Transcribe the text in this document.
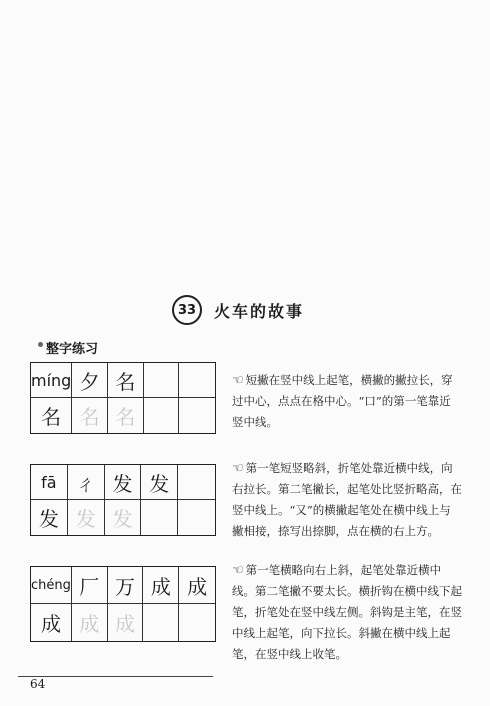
33	火车的故事
整字练习
míng 夕 名
名 名 名
☜ 短撇在竖中线上起笔，横撇的撇拉长，穿过中心，点点在格中心。“口”的第一笔靠近竖中线。
fā ㄔ 发 发
发 发 发
☜ 第一笔短竖略斜，折笔处靠近横中线，向右拉长。第二笔撇长，起笔处比竖折略高，在竖中线上。“又”的横撇起笔处在横中线上与撇相接，捺写出捺脚，点在横的右上方。
chéng 厂 万 成 成
成 成 成
☜ 第一笔横略向右上斜，起笔处靠近横中线。第二笔撇不要太长。横折钩在横中线下起笔，折笔处在竖中线左侧。斜钩是主笔，在竖中线上起笔，向下拉长。斜撇在横中线上起笔，在竖中线上收笔。
64
